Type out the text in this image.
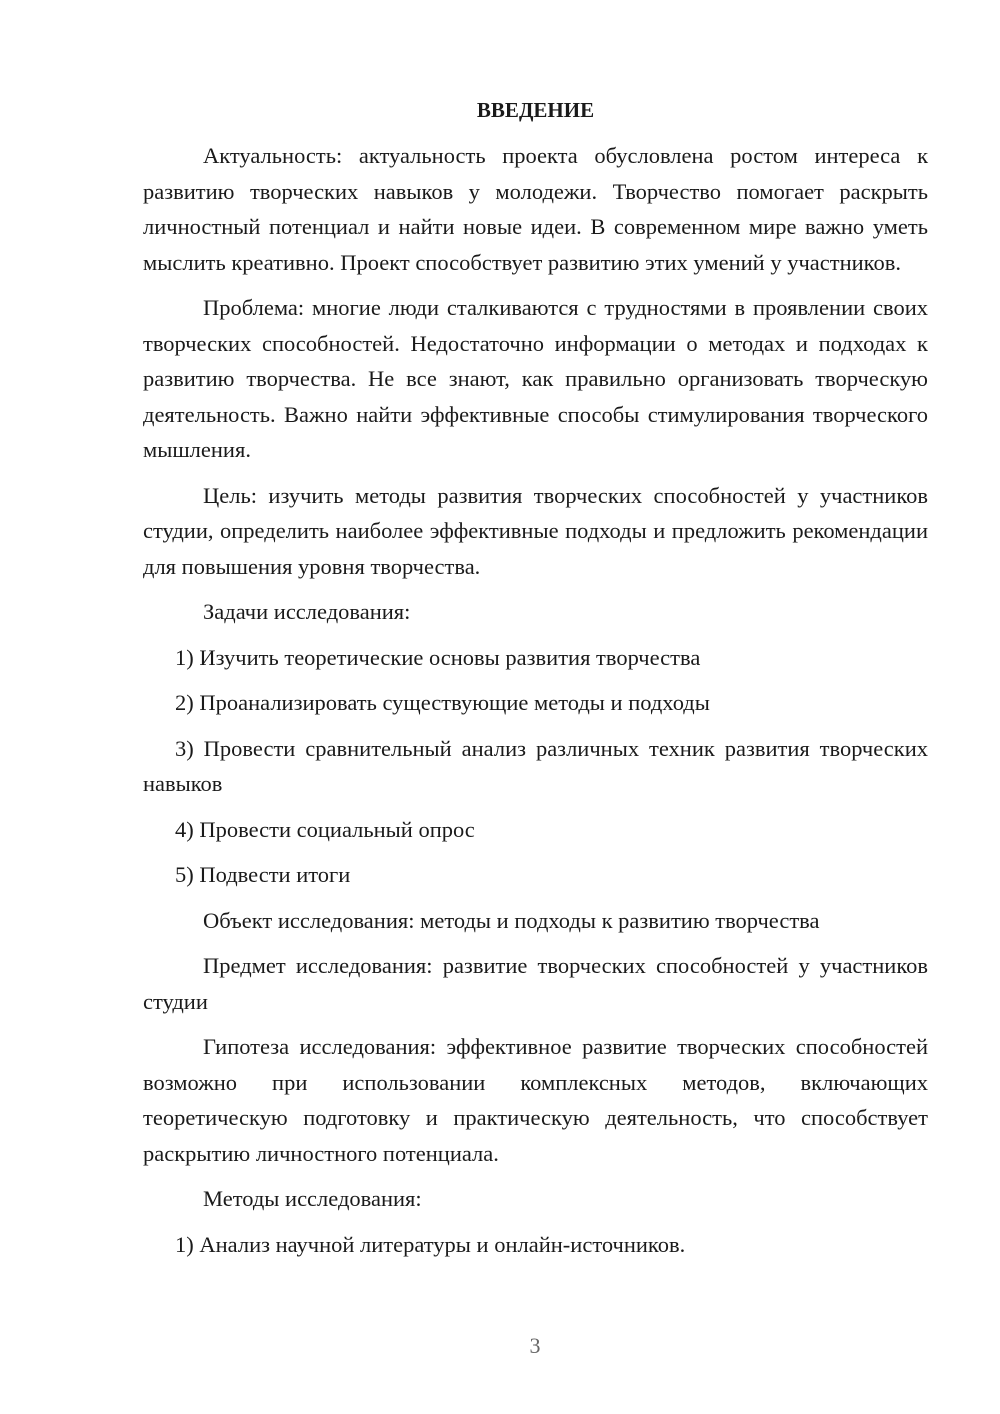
ВВЕДЕНИЕ

Актуальность: актуальность проекта обусловлена ростом интереса к развитию творческих навыков у молодежи. Творчество помогает раскрыть личностный потенциал и найти новые идеи. В современном мире важно уметь мыслить креативно. Проект способствует развитию этих умений у участников.

Проблема: многие люди сталкиваются с трудностями в проявлении своих творческих способностей. Недостаточно информации о методах и подходах к развитию творчества. Не все знают, как правильно организовать творческую деятельность. Важно найти эффективные способы стимулирования творческого мышления.

Цель: изучить методы развития творческих способностей у участников студии, определить наиболее эффективные подходы и предложить рекомендации для повышения уровня творчества.

Задачи исследования:

1) Изучить теоретические основы развития творчества

2) Проанализировать существующие методы и подходы

3) Провести сравнительный анализ различных техник развития творческих навыков

4) Провести социальный опрос

5) Подвести итоги

Объект исследования: методы и подходы к развитию творчества

Предмет исследования: развитие творческих способностей у участников студии

Гипотеза исследования: эффективное развитие творческих способностей возможно при использовании комплексных методов, включающих теоретическую подготовку и практическую деятельность, что способствует раскрытию личностного потенциала.

Методы исследования:

1) Анализ научной литературы и онлайн-источников.

3
